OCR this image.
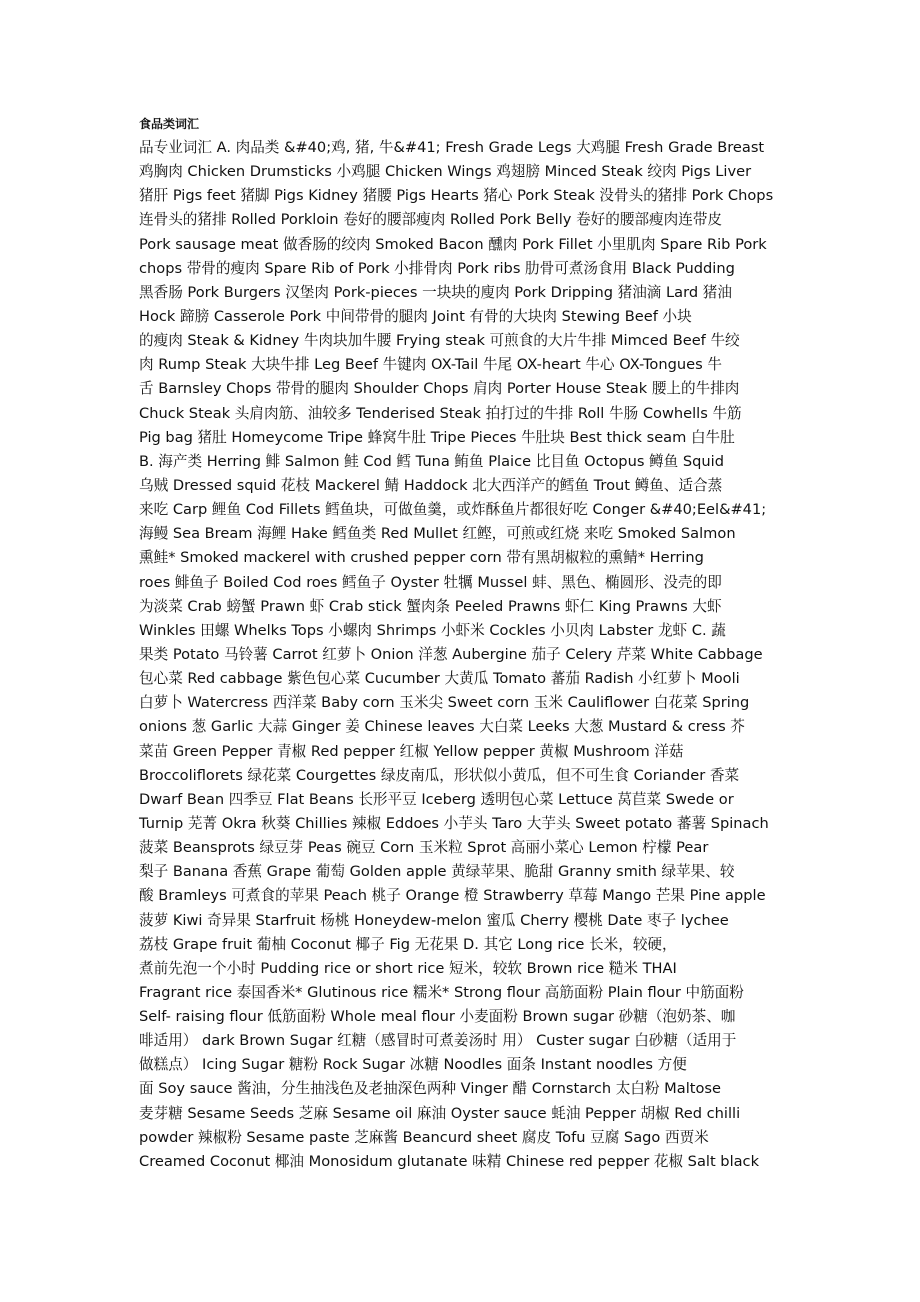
食品类词汇
品专业词汇 A. 肉品类 &#40;鸡, 猪, 牛&#41; Fresh Grade Legs 大鸡腿 Fresh Grade Breast
鸡胸肉 Chicken Drumsticks 小鸡腿 Chicken Wings 鸡翅膀 Minced Steak 绞肉 Pigs Liver
猪肝 Pigs feet 猪脚 Pigs Kidney 猪腰 Pigs Hearts 猪心 Pork Steak 没骨头的猪排 Pork Chops
连骨头的猪排 Rolled Porkloin 卷好的腰部瘦肉 Rolled Pork Belly 卷好的腰部瘦肉连带皮
Pork sausage meat 做香肠的绞肉 Smoked Bacon 醺肉 Pork Fillet 小里肌肉 Spare Rib Pork
chops 带骨的瘦肉 Spare Rib of Pork 小排骨肉 Pork ribs 肋骨可煮汤食用 Black Pudding
黑香肠 Pork Burgers 汉堡肉 Pork-pieces 一块块的廋肉 Pork Dripping 猪油滴 Lard 猪油
Hock 蹄膀 Casserole Pork 中间带骨的腿肉 Joint 有骨的大块肉 Stewing Beef 小块
的瘦肉 Steak & Kidney 牛肉块加牛腰 Frying steak 可煎食的大片牛排 Mimced Beef 牛绞
肉 Rump Steak 大块牛排 Leg Beef 牛键肉 OX-Tail 牛尾 OX-heart 牛心 OX-Tongues 牛
舌 Barnsley Chops 带骨的腿肉 Shoulder Chops 肩肉 Porter House Steak 腰上的牛排肉
Chuck Steak 头肩肉筋、油较多 Tenderised Steak 拍打过的牛排 Roll 牛肠 Cowhells 牛筋
Pig bag 猪肚 Homeycome Tripe 蜂窝牛肚 Tripe Pieces 牛肚块 Best thick seam 白牛肚
B. 海产类 Herring 鲱 Salmon 鲑 Cod 鳕 Tuna 鲔鱼 Plaice 比目鱼 Octopus 鳟鱼 Squid
乌贼 Dressed squid 花枝 Mackerel 鲭 Haddock 北大西洋产的鳕鱼 Trout 鳟鱼、适合蒸
来吃 Carp 鲤鱼 Cod Fillets 鳕鱼块，可做鱼羹，或炸酥鱼片都很好吃 Conger &#40;Eel&#41;
海鳗 Sea Bream 海鲤 Hake 鳕鱼类 Red Mullet 红鲣，可煎或红烧 来吃 Smoked Salmon
熏鲑* Smoked mackerel with crushed pepper corn 带有黑胡椒粒的熏鲭* Herring
roes 鲱鱼子 Boiled Cod roes 鳕鱼子 Oyster 牡犡 Mussel 蚌、黑色、椭圆形、没壳的即
为淡菜 Crab 螃蟹 Prawn 虾 Crab stick 蟹肉条 Peeled Prawns 虾仁 King Prawns 大虾
Winkles 田螺 Whelks Tops 小螺肉 Shrimps 小虾米 Cockles 小贝肉 Labster 龙虾 C. 蔬
果类 Potato 马铃薯 Carrot 红萝卜 Onion 洋葱 Aubergine 茄子 Celery 芹菜 White Cabbage
包心菜 Red cabbage 紫色包心菜 Cucumber 大黄瓜 Tomato 蕃茄 Radish 小红萝卜 Mooli
白萝卜 Watercress 西洋菜 Baby corn 玉米尖 Sweet corn 玉米 Cauliflower 白花菜 Spring
onions 葱 Garlic 大蒜 Ginger 姜 Chinese leaves 大白菜 Leeks 大葱 Mustard & cress 芥
菜苗 Green Pepper 青椒 Red pepper 红椒 Yellow pepper 黄椒 Mushroom 洋菇
Broccoliflorets 绿花菜 Courgettes 绿皮南瓜，形状似小黄瓜，但不可生食 Coriander 香菜
Dwarf Bean 四季豆 Flat Beans 长形平豆 Iceberg 透明包心菜 Lettuce 莴苣菜 Swede or
Turnip 芜菁 Okra 秋葵 Chillies 辣椒 Eddoes 小芋头 Taro 大芋头 Sweet potato 蕃薯 Spinach
菠菜 Beansprots 绿豆芽 Peas 碗豆 Corn 玉米粒 Sprot 高丽小菜心 Lemon 柠檬 Pear
梨子 Banana 香蕉 Grape 葡萄 Golden apple 黄绿苹果、脆甜 Granny smith 绿苹果、较
酸 Bramleys 可煮食的苹果 Peach 桃子 Orange 橙 Strawberry 草莓 Mango 芒果 Pine apple
菠萝 Kiwi 奇异果 Starfruit 杨桃 Honeydew-melon 蜜瓜 Cherry 樱桃 Date 枣子 lychee
荔枝 Grape fruit 葡柚 Coconut 椰子 Fig 无花果 D. 其它 Long rice 长米，较硬，
煮前先泡一个小时 Pudding rice or short rice 短米，较软 Brown rice 糙米 THAI
Fragrant rice 泰国香米* Glutinous rice 糯米* Strong flour 高筋面粉 Plain flour 中筋面粉
Self- raising flour 低筋面粉 Whole meal flour 小麦面粉 Brown sugar 砂糖（泡奶茶、咖
啡适用） dark Brown Sugar 红糖（感冒时可煮姜汤时 用） Custer sugar 白砂糖（适用于
做糕点） Icing Sugar 糖粉 Rock Sugar 冰糖 Noodles 面条 Instant noodles 方便
面 Soy sauce 酱油，分生抽浅色及老抽深色两种 Vinger 醋 Cornstarch 太白粉 Maltose
麦芽糖 Sesame Seeds 芝麻 Sesame oil 麻油 Oyster sauce 蚝油 Pepper 胡椒 Red chilli
powder 辣椒粉 Sesame paste 芝麻酱 Beancurd sheet 腐皮 Tofu 豆腐 Sago 西贾米
Creamed Coconut 椰油 Monosidum glutanate 味精 Chinese red pepper 花椒 Salt black
